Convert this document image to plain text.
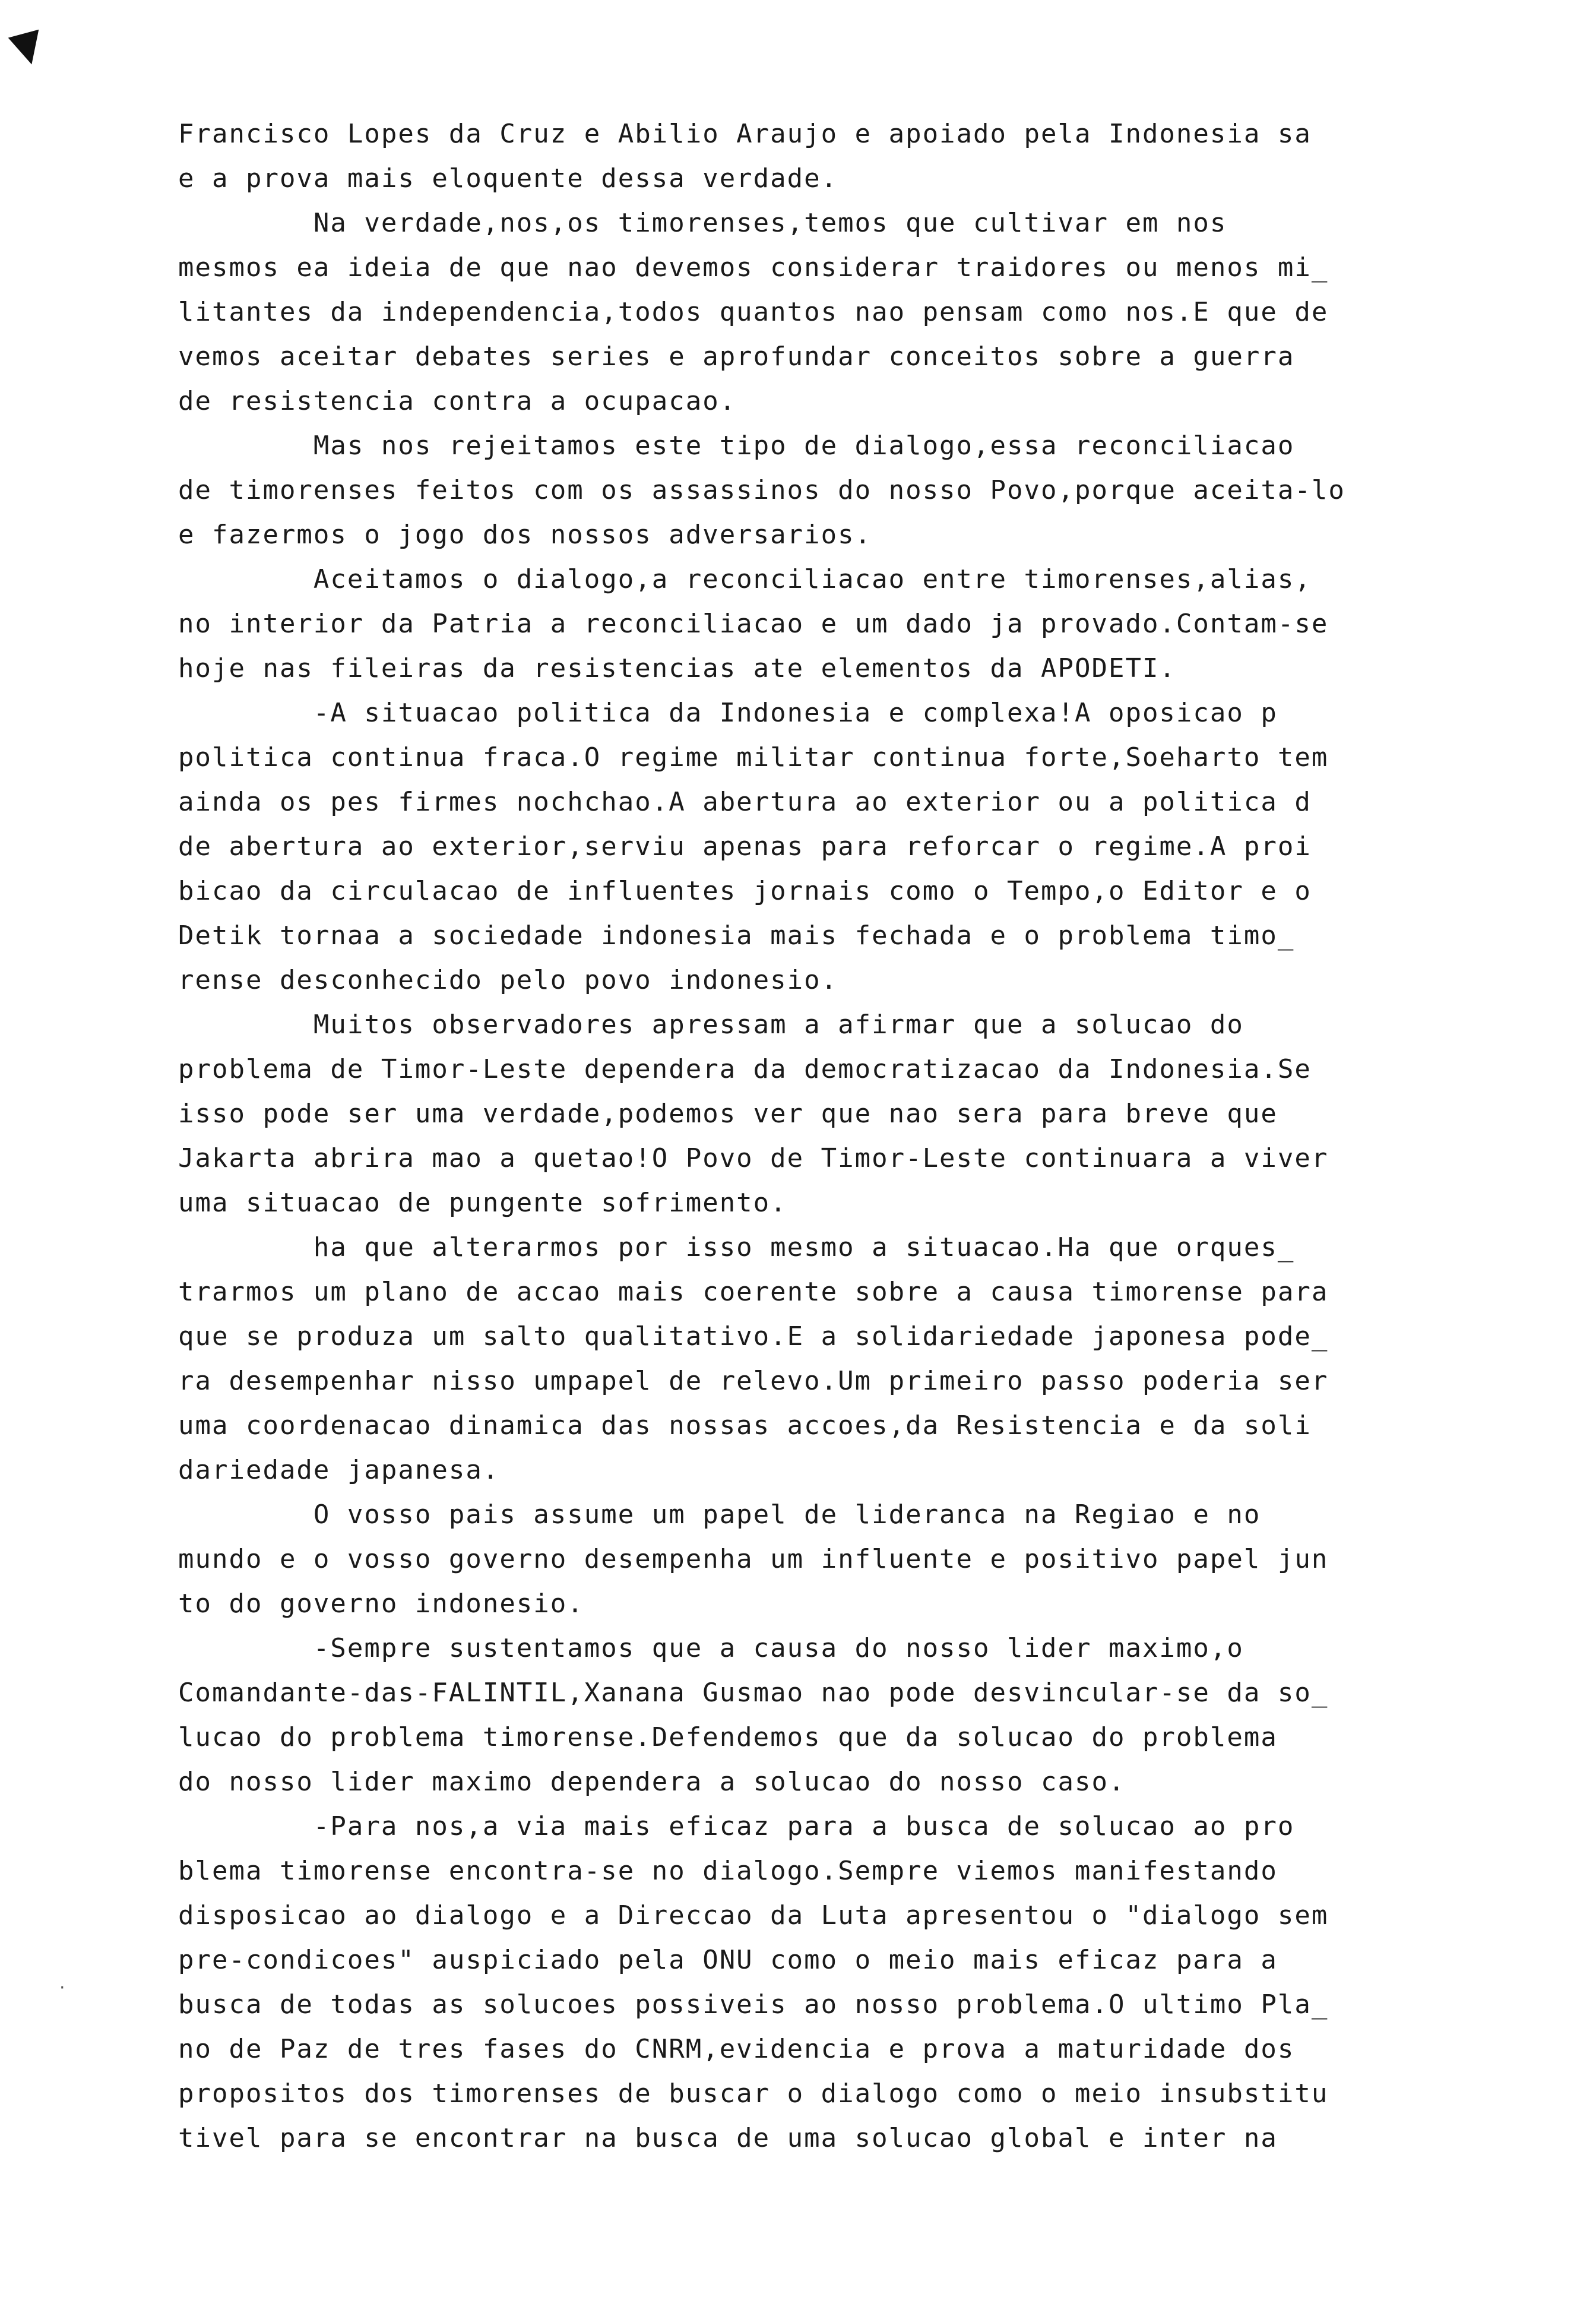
▼
·
Francisco Lopes da Cruz e Abilio Araujo e apoiado pela Indonesia sa
e a prova mais eloquente dessa verdade.
Na verdade,nos,os timorenses,temos que cultivar em nos
mesmos ea ideia de que nao devemos considerar traidores ou menos mi_
litantes da independencia,todos quantos nao pensam como nos.E que de
vemos aceitar debates series e aprofundar conceitos sobre a guerra
de resistencia contra a ocupacao.
Mas nos rejeitamos este tipo de dialogo,essa reconciliacao
de timorenses feitos com os assassinos do nosso Povo,porque aceita-lo
e fazermos o jogo dos nossos adversarios.
Aceitamos o dialogo,a reconciliacao entre timorenses,alias,
no interior da Patria a reconciliacao e um dado ja provado.Contam-se
hoje nas fileiras da resistencias ate elementos da APODETI.
-A situacao politica da Indonesia e complexa!A oposicao p
politica continua fraca.O regime militar continua forte,Soeharto tem
ainda os pes firmes nochchao.A abertura ao exterior ou a politica d
de abertura ao exterior,serviu apenas para reforcar o regime.A proi
bicao da circulacao de influentes jornais como o Tempo,o Editor e o
Detik tornaa a sociedade indonesia mais fechada e o problema timo_
rense desconhecido pelo povo indonesio.
Muitos observadores apressam a afirmar que a solucao do
problema de Timor-Leste dependera da democratizacao da Indonesia.Se
isso pode ser uma verdade,podemos ver que nao sera para breve que
Jakarta abrira mao a quetao!O Povo de Timor-Leste continuara a viver
uma situacao de pungente sofrimento.
ha que alterarmos por isso mesmo a situacao.Ha que orques_
trarmos um plano de accao mais coerente sobre a causa timorense para
que se produza um salto qualitativo.E a solidariedade japonesa pode_
ra desempenhar nisso umpapel de relevo.Um primeiro passo poderia ser
uma coordenacao dinamica das nossas accoes,da Resistencia e da soli
dariedade japanesa.
O vosso pais assume um papel de lideranca na Regiao e no
mundo e o vosso governo desempenha um influente e positivo papel jun
to do governo indonesio.
-Sempre sustentamos que a causa do nosso lider maximo,o
Comandante-das-FALINTIL,Xanana Gusmao nao pode desvincular-se da so_
lucao do problema timorense.Defendemos que da solucao do problema
do nosso lider maximo dependera a solucao do nosso caso.
-Para nos,a via mais eficaz para a busca de solucao ao pro
blema timorense encontra-se no dialogo.Sempre viemos manifestando
disposicao ao dialogo e a Direccao da Luta apresentou o "dialogo sem
pre-condicoes" auspiciado pela ONU como o meio mais eficaz para a
busca de todas as solucoes possiveis ao nosso problema.O ultimo Pla_
no de Paz de tres fases do CNRM,evidencia e prova a maturidade dos
propositos dos timorenses de buscar o dialogo como o meio insubstitu
tivel para se encontrar na busca de uma solucao global e inter na
